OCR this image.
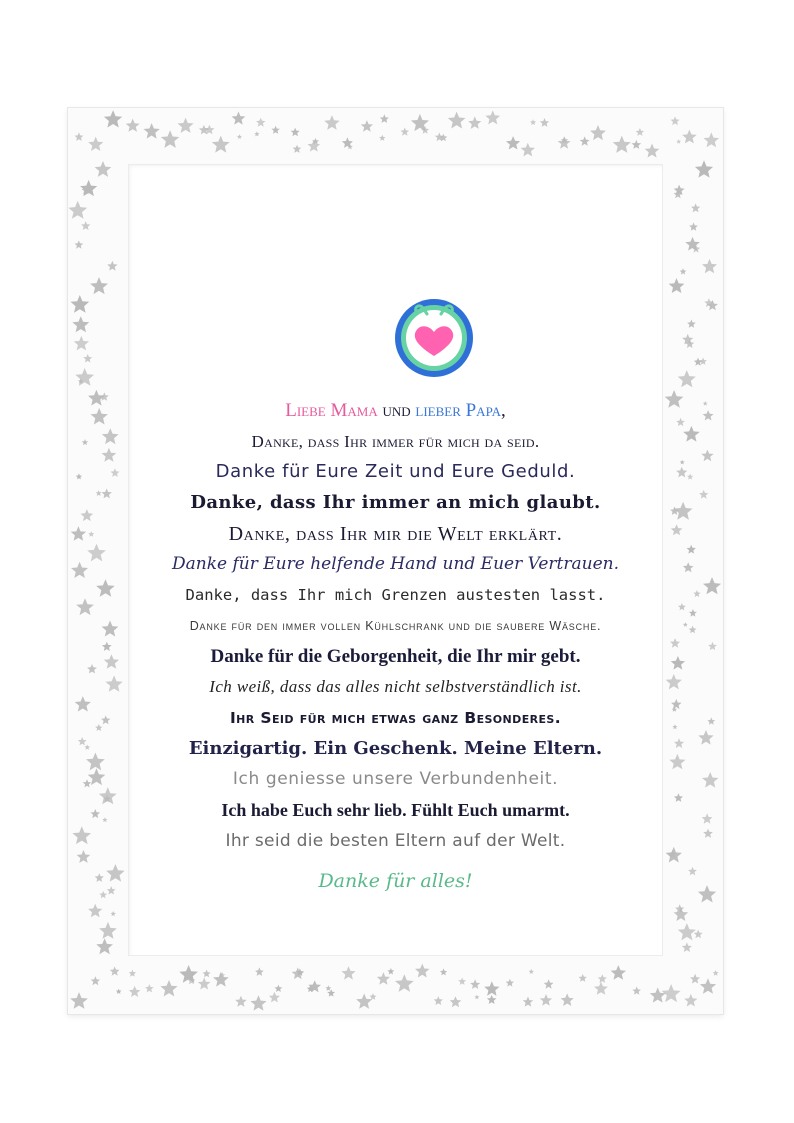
Liebe Mama und lieber Papa,
Danke, dass Ihr immer für mich da seid.
Danke für Eure Zeit und Eure Geduld.
Danke, dass Ihr immer an mich glaubt.
Danke, dass Ihr mir die Welt erklärt.
Danke für Eure helfende Hand und Euer Vertrauen.
Danke, dass Ihr mich Grenzen austesten lasst.
Danke für den immer vollen Kühlschrank und die saubere Wäsche.
Danke für die Geborgenheit, die Ihr mir gebt.
Ich weiß, dass das alles nicht selbstverständlich ist.
Ihr Seid für mich etwas ganz Besonderes.
Einzigartig. Ein Geschenk. Meine Eltern.
Ich geniesse unsere Verbundenheit.
Ich habe Euch sehr lieb. Fühlt Euch umarmt.
Ihr seid die besten Eltern auf der Welt.
Danke für alles!
